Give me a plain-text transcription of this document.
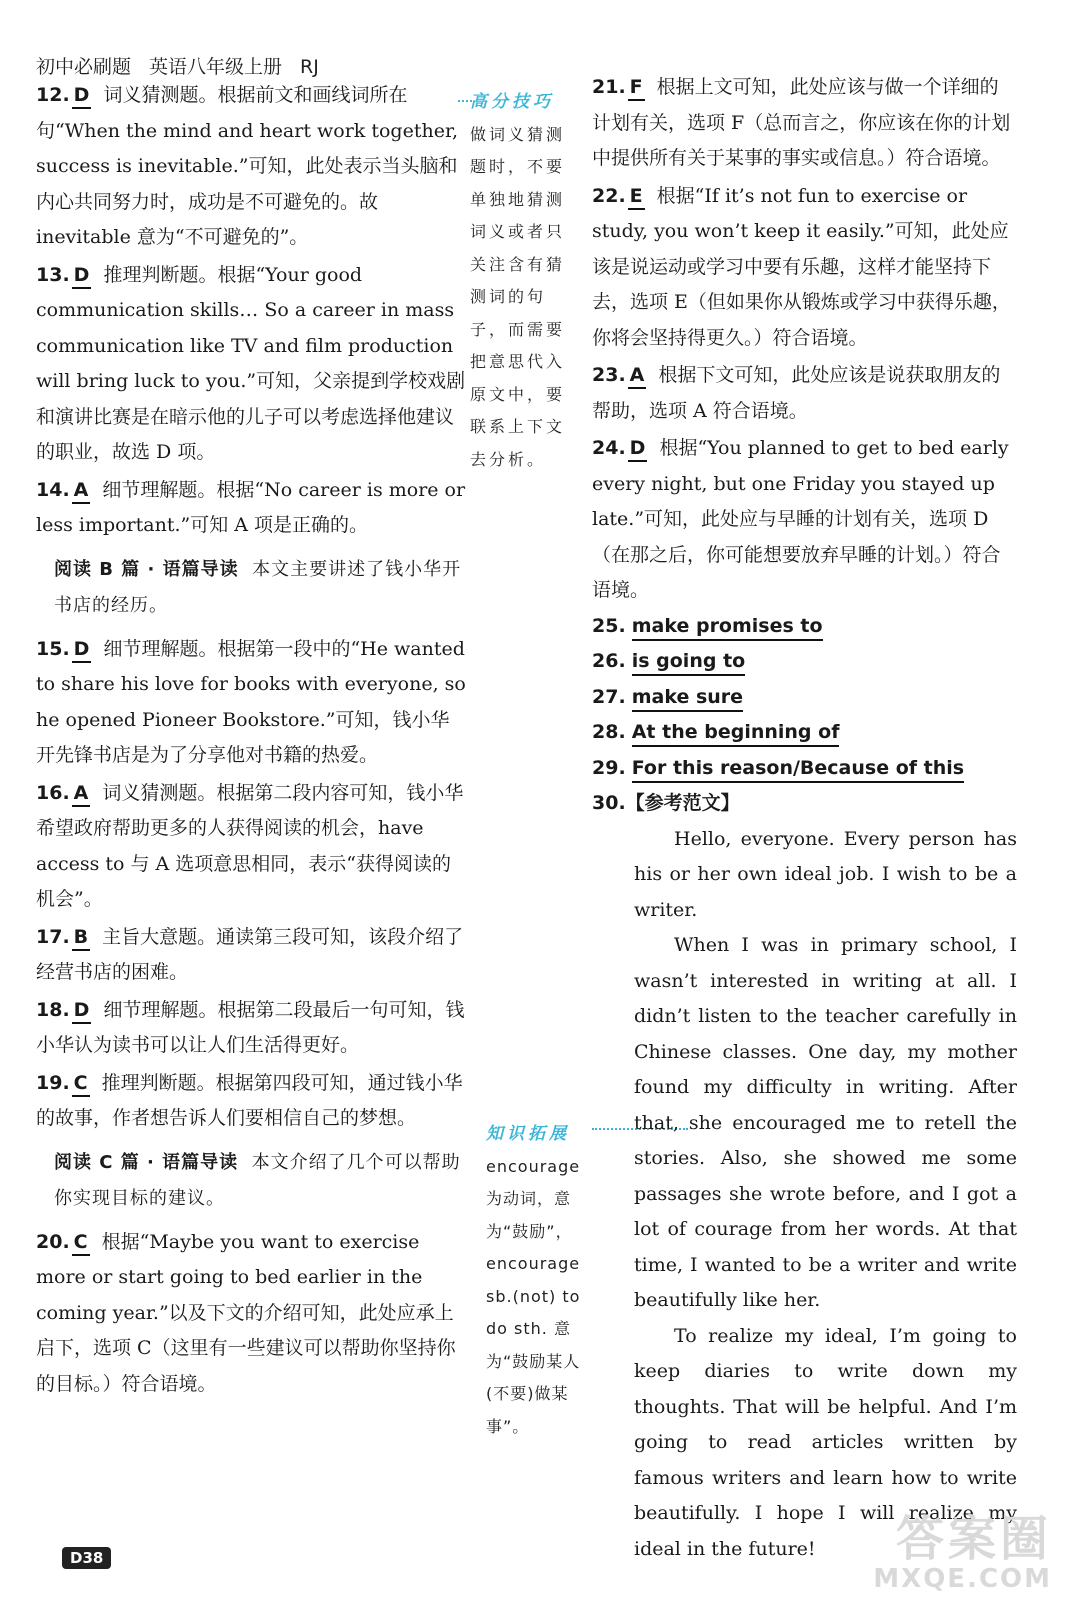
初中必刷题 英语八年级上册 RJ
12. D 词义猜测题。根据前文和画线词所在句“When the mind and heart work together, success is inevitable.”可知，此处表示当头脑和内心共同努力时，成功是不可避免的。故 inevitable 意为“不可避免的”。
13. D 推理判断题。根据“Your good communication skills… So a career in mass communication like TV and film production will bring luck to you.”可知，父亲提到学校戏剧和演讲比赛是在暗示他的儿子可以考虑选择他建议的职业，故选 D 项。
14. A 细节理解题。根据“No career is more or less important.”可知 A 项是正确的。
阅读 B 篇 · 语篇导读 本文主要讲述了钱小华开书店的经历。
15. D 细节理解题。根据第一段中的“He wanted to share his love for books with everyone, so he opened Pioneer Bookstore.”可知，钱小华开先锋书店是为了分享他对书籍的热爱。
16. A 词义猜测题。根据第二段内容可知，钱小华希望政府帮助更多的人获得阅读的机会，have access to 与 A 选项意思相同，表示“获得阅读的机会”。
17. B 主旨大意题。通读第三段可知，该段介绍了经营书店的困难。
18. D 细节理解题。根据第二段最后一句可知，钱小华认为读书可以让人们生活得更好。
19. C 推理判断题。根据第四段可知，通过钱小华的故事，作者想告诉人们要相信自己的梦想。
阅读 C 篇 · 语篇导读 本文介绍了几个可以帮助你实现目标的建议。
20. C 根据“Maybe you want to exercise more or start going to bed earlier in the coming year.”以及下文的介绍可知，此处应承上启下，选项 C（这里有一些建议可以帮助你坚持你的目标。）符合语境。
高分技巧
做词义猜测题时，不要单独地猜测词义或者只关注含有猜测词的句子，而需要把意思代入原文中，要联系上下文去分析。
知识拓展
encourage 为动词，意为“鼓励”，encourage sb.(not) to do sth. 意为“鼓励某人(不要)做某事”。
21. F 根据上文可知，此处应该与做一个详细的计划有关，选项 F（总而言之，你应该在你的计划中提供所有关于某事的事实或信息。）符合语境。
22. E 根据“If it’s not fun to exercise or study, you won’t keep it easily.”可知，此处应该是说运动或学习中要有乐趣，这样才能坚持下去，选项 E（但如果你从锻炼或学习中获得乐趣，你将会坚持得更久。）符合语境。
23. A 根据下文可知，此处应该是说获取朋友的帮助，选项 A 符合语境。
24. D 根据“You planned to get to bed early every night, but one Friday you stayed up late.”可知，此处应与早睡的计划有关，选项 D（在那之后，你可能想要放弃早睡的计划。）符合语境。
25. make promises to
26. is going to
27. make sure
28. At the beginning of
29. For this reason/Because of this
30.【参考范文】
Hello, everyone. Every person has his or her own ideal job. I wish to be a writer.
When I was in primary school, I wasn’t interested in writing at all. I didn’t listen to the teacher carefully in Chinese classes. One day, my mother found my difficulty in writing. After that, she encouraged me to retell the stories. Also, she showed me some passages she wrote before, and I got a lot of courage from her words. At that time, I wanted to be a writer and write beautifully like her.
To realize my ideal, I’m going to keep diaries to write down my thoughts. That will be helpful. And I’m going to read articles written by famous writers and learn how to write beautifully. I hope I will realize my ideal in the future!
D38	答案圈
MXQE.COM
